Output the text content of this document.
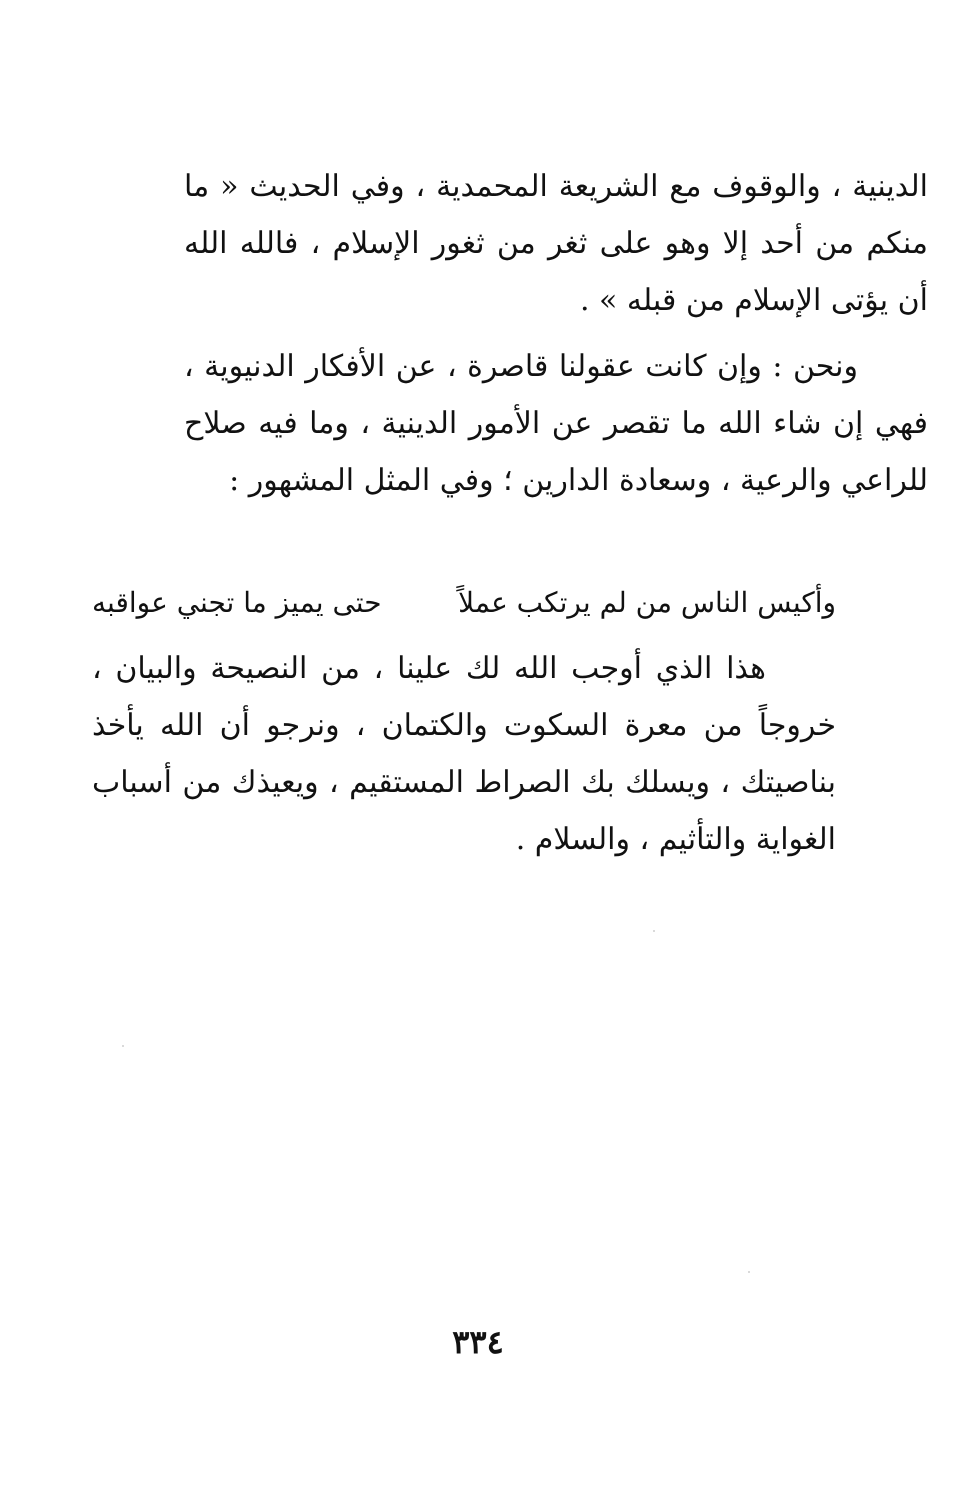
الدينية ، والوقوف مع الشريعة المحمدية ، وفي الحديث « ما منكم من أحد إلا وهو على ثغر من ثغور الإسلام ، فالله الله أن يؤتى الإسلام من قبله » .

ونحن : وإن كانت عقولنا قاصرة ، عن الأفكار الدنيوية ، فهي إن شاء الله ما تقصر عن الأمور الدينية ، وما فيه صلاح للراعي والرعية ، وسعادة الدارين ؛ وفي المثل المشهور :

وأكيس الناس من لم يرتكب عملاً
حتى يميز ما تجني عواقبه

هذا الذي أوجب الله لك علينا ، من النصيحة والبيان ، خروجاً من معرة السكوت والكتمان ، ونرجو أن الله يأخذ بناصيتك ، ويسلك بك الصراط المستقيم ، ويعيذك من أسباب الغواية والتأثيم ، والسلام .

٣٣٤
